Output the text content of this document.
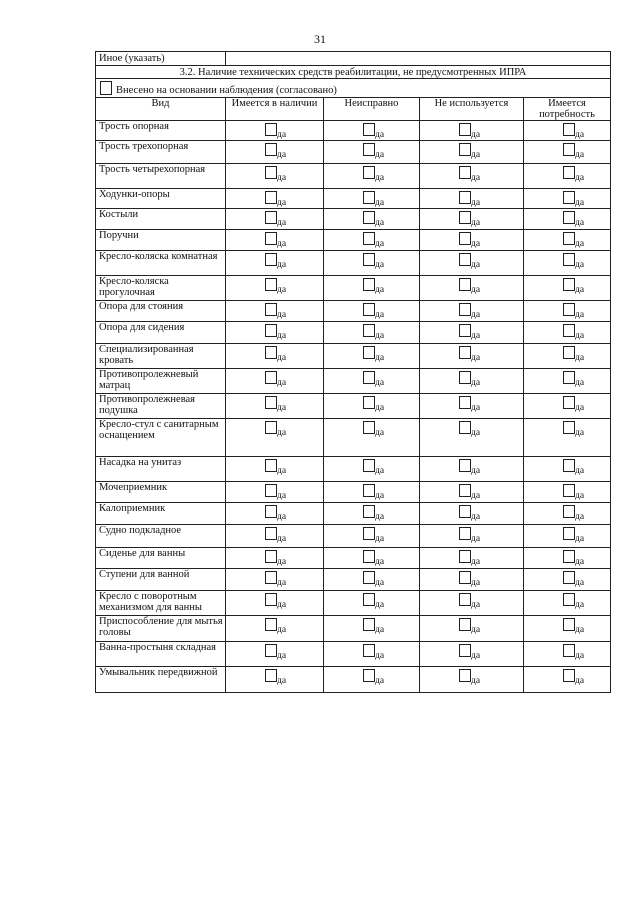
31
Иное (указать)				
3.2. Наличие технических средств реабилитации, не предусмотренных ИПРА				

Внесено на основании наблюдения (согласовано)				

Вид	Имеется в наличии	Неисправно	Не используется	Имеется потребность
Трость опорная	да	да	да	да

Трость трехопорная	да	да	да	да

Трость четырехопорная	да	да	да	да

Ходунки-опоры	да	да	да	да

Костыли	да	да	да	да

Поручни	да	да	да	да

Кресло-коляска комнатная	да	да	да	да

Кресло-коляска прогулочная	да	да	да	да

Опора для стояния	да	да	да	да

Опора для сидения	да	да	да	да

Специализированная кровать	да	да	да	да

Противопролежневый матрац	да	да	да	да

Противопролежневая подушка	да	да	да	да

Кресло-стул с санитарным оснащением	да	да	да	да

Насадка на унитаз	да	да	да	да

Мочеприемник	да	да	да	да

Калоприемник	да	да	да	да

Судно подкладное	да	да	да	да

Сиденье для ванны	да	да	да	да

Ступени для ванной	да	да	да	да

Кресло с поворотным механизмом для ванны	да	да	да	да

Приспособление для мытья головы	да	да	да	да

Ванна-простыня складная	да	да	да	да

Умывальник передвижной	да	да	да	да
